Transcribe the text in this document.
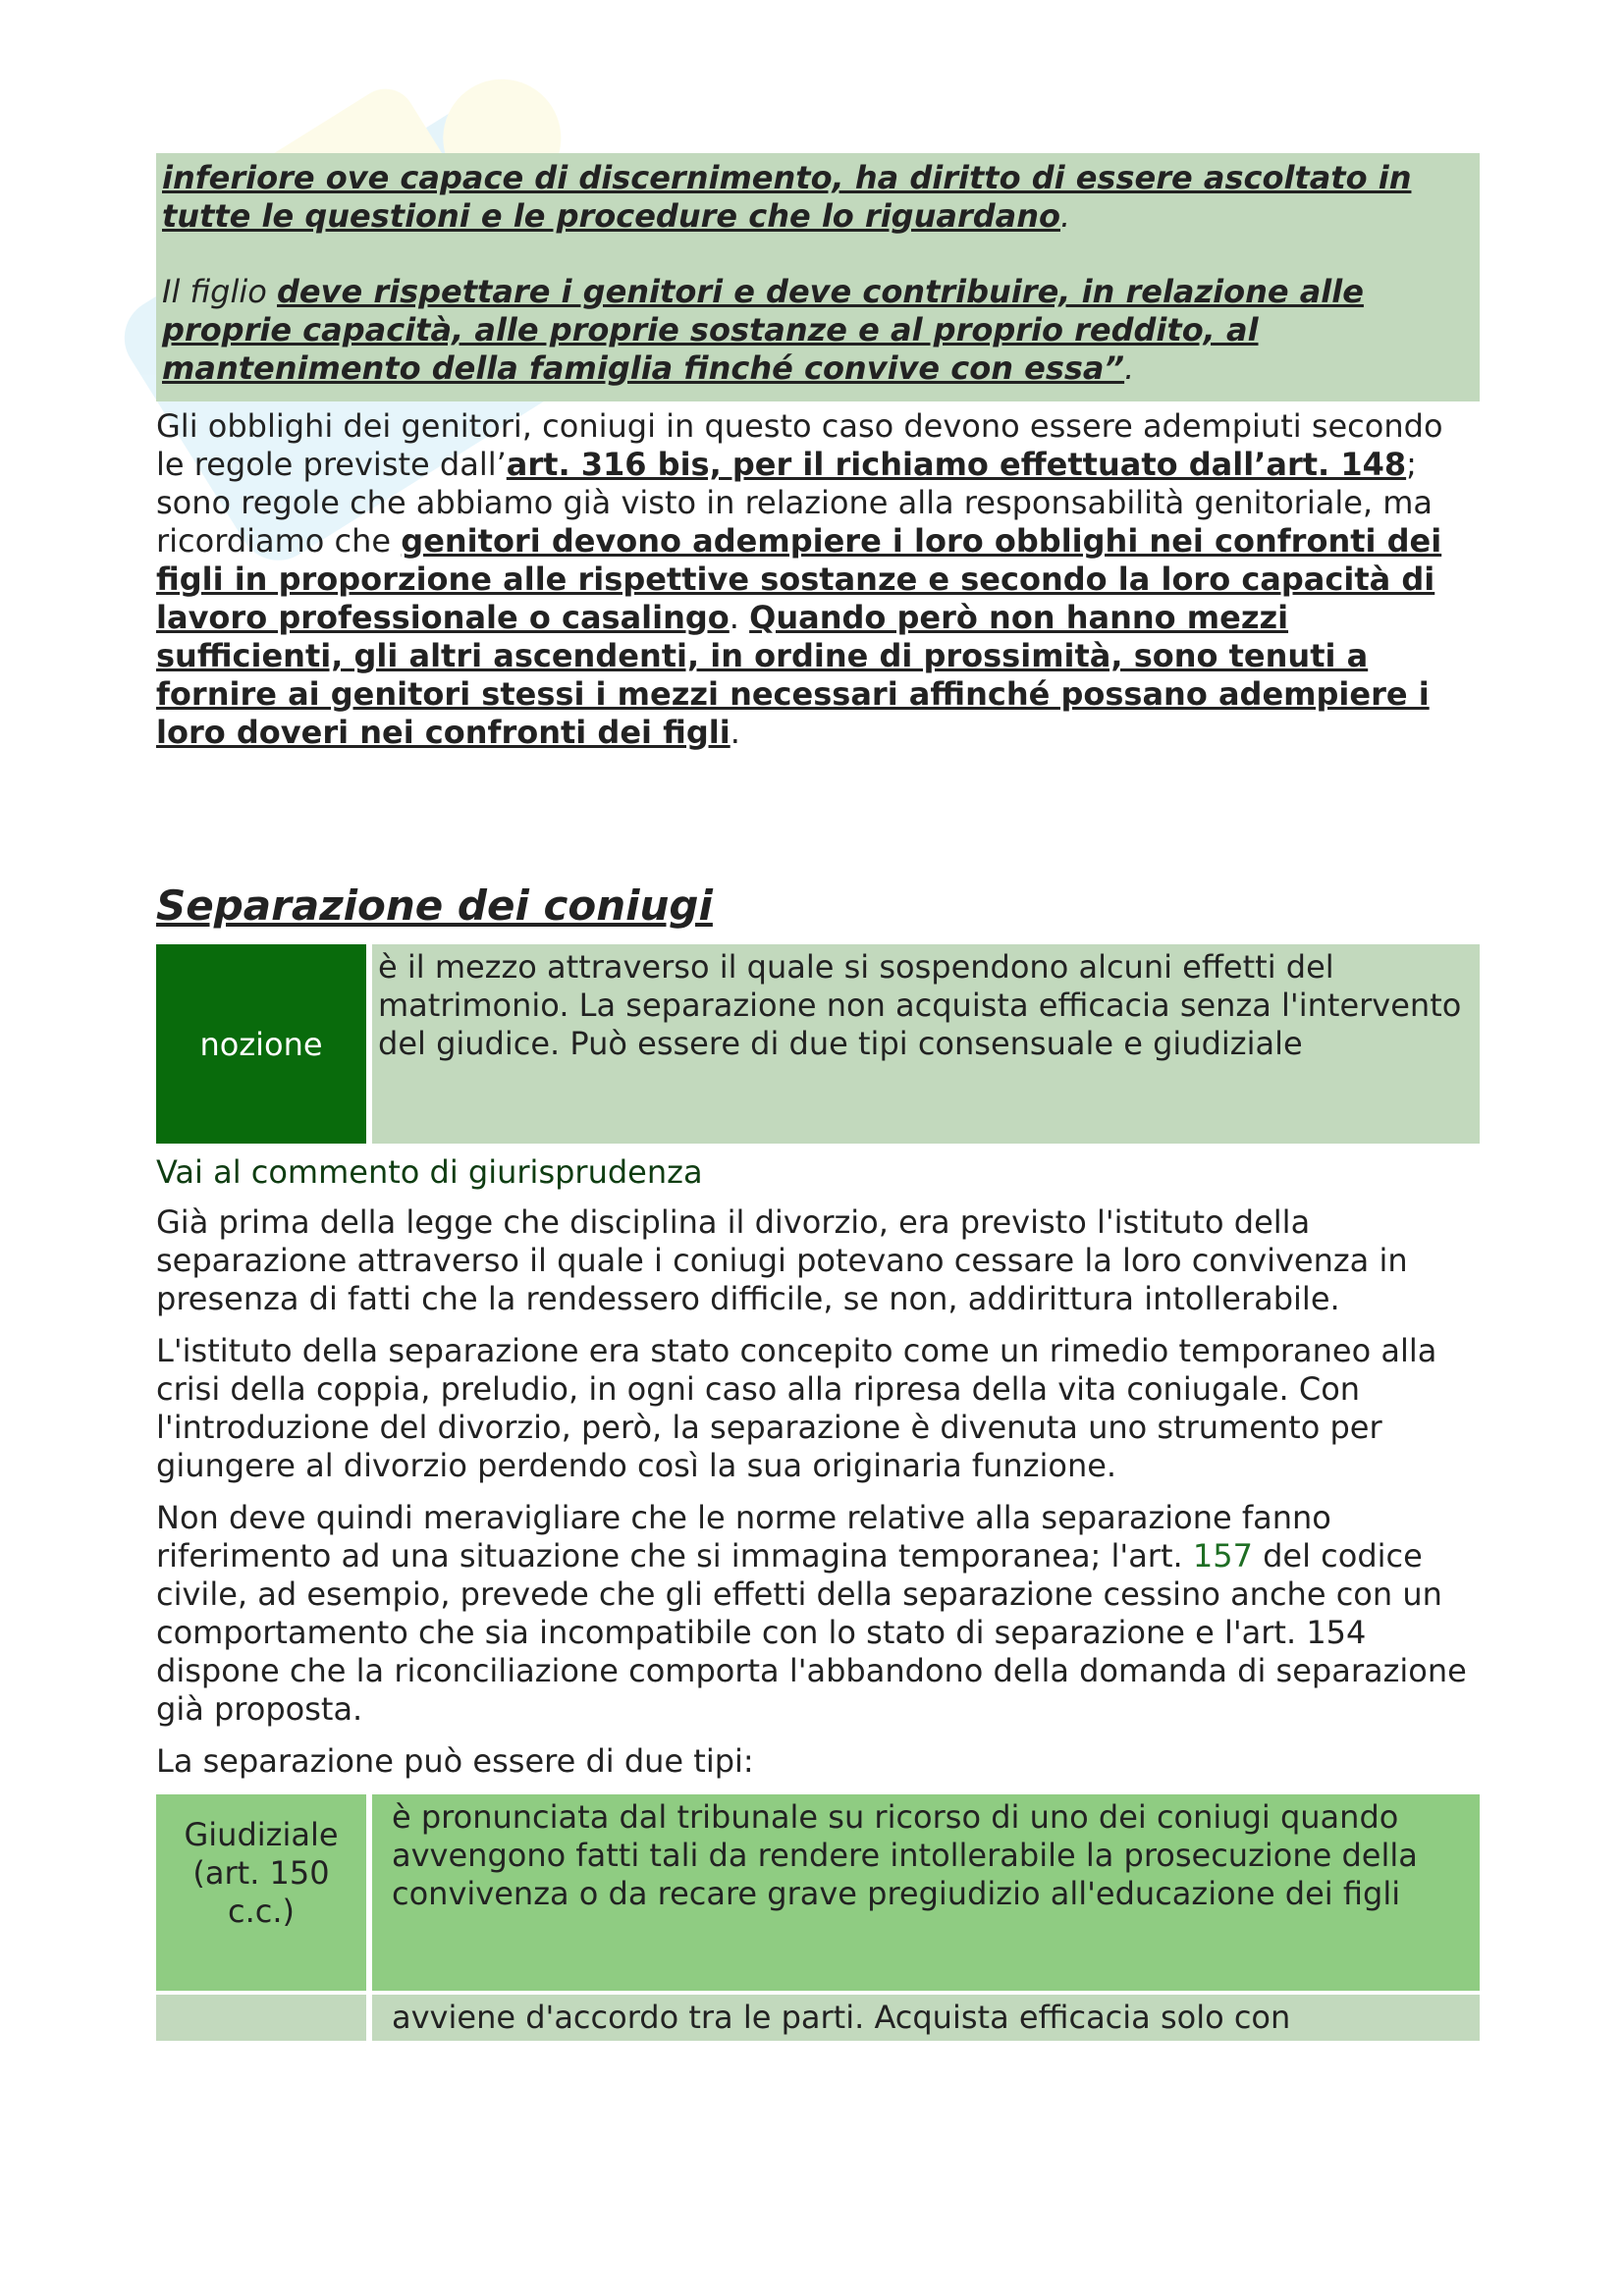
inferiore ove capace di discernimento, ha diritto di essere ascoltato in tutte le questioni e le procedure che lo riguardano.

Il figlio deve rispettare i genitori e deve contribuire, in relazione alle proprie capacità, alle proprie sostanze e al proprio reddito, al mantenimento della famiglia finché convive con essa”.

Gli obblighi dei genitori, coniugi in questo caso devono essere adempiuti secondo le regole previste dall’art. 316 bis, per il richiamo effettuato dall’art. 148; sono regole che abbiamo già visto in relazione alla responsabilità genitoriale, ma ricordiamo che genitori devono adempiere i loro obblighi nei confronti dei figli in proporzione alle rispettive sostanze e secondo la loro capacità di lavoro professionale o casalingo. Quando però non hanno mezzi sufficienti, gli altri ascendenti, in ordine di prossimità, sono tenuti a fornire ai genitori stessi i mezzi necessari affinché possano adempiere i loro doveri nei confronti dei figli.

Separazione dei coniugi
nozione
è il mezzo attraverso il quale si sospendono alcuni effetti del matrimonio. La separazione non acquista efficacia senza l'intervento del giudice. Può essere di due tipi consensuale e giudiziale
Vai al commento di giurisprudenza

Già prima della legge che disciplina il divorzio, era previsto l'istituto della separazione attraverso il quale i coniugi potevano cessare la loro convivenza in presenza di fatti che la rendessero difficile, se non, addirittura intollerabile.

L'istituto della separazione era stato concepito come un rimedio temporaneo alla crisi della coppia, preludio, in ogni caso alla ripresa della vita coniugale. Con l'introduzione del divorzio, però, la separazione è divenuta uno strumento per giungere al divorzio perdendo così la sua originaria funzione.

Non deve quindi meravigliare che le norme relative alla separazione fanno riferimento ad una situazione che si immagina temporanea; l'art. 157 del codice civile, ad esempio, prevede che gli effetti della separazione cessino anche con un comportamento che sia incompatibile con lo stato di separazione e l'art. 154 dispone che la riconciliazione comporta l'abbandono della domanda di separazione già proposta.

La separazione può essere di due tipi:

Giudiziale (art. 150 c.c.)
è pronunciata dal tribunale su ricorso di uno dei coniugi quando avvengono fatti tali da rendere intollerabile la prosecuzione della convivenza o da recare grave pregiudizio all'educazione dei figli
avviene d'accordo tra le parti. Acquista efficacia solo con
